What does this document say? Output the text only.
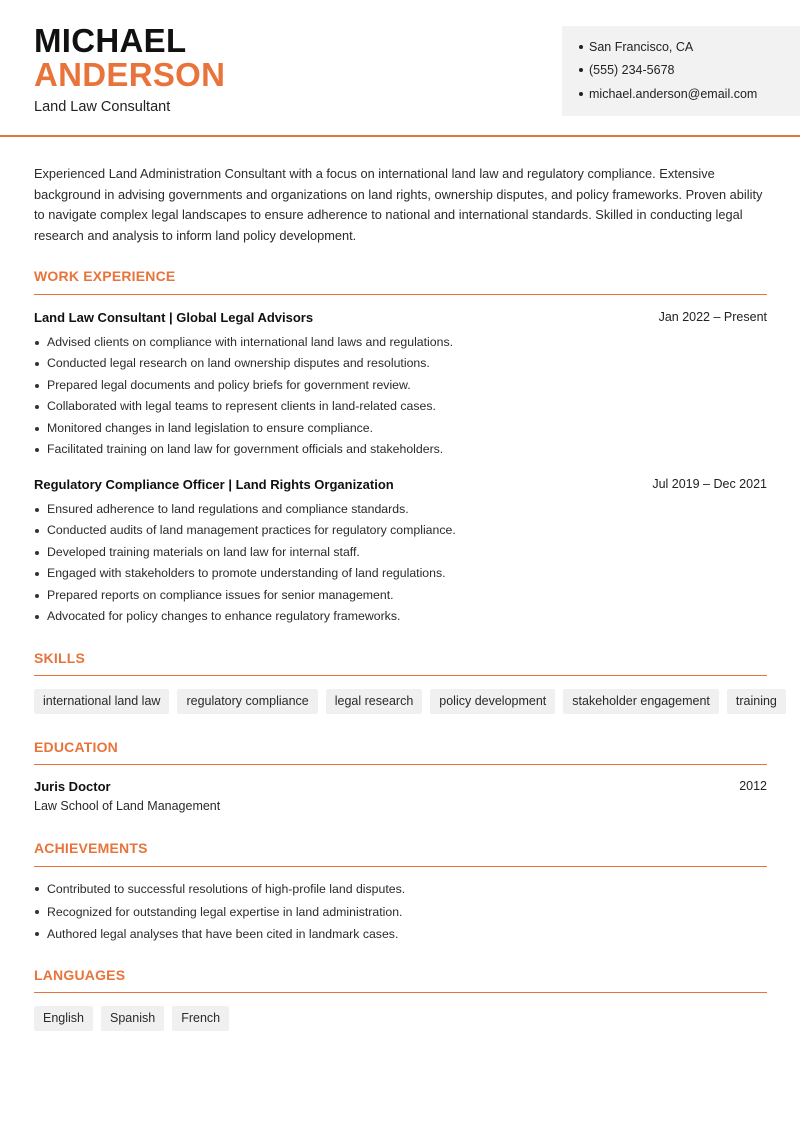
MICHAEL
ANDERSON
Land Law Consultant
San Francisco, CA
(555) 234-5678
michael.anderson@email.com

Experienced Land Administration Consultant with a focus on international land law and regulatory compliance. Extensive background in advising governments and organizations on land rights, ownership disputes, and policy frameworks. Proven ability to navigate complex legal landscapes to ensure adherence to national and international standards. Skilled in conducting legal research and analysis to inform land policy development.

WORK EXPERIENCE
Land Law Consultant | Global Legal Advisors	Jan 2022 – Present
Advised clients on compliance with international land laws and regulations.
Conducted legal research on land ownership disputes and resolutions.
Prepared legal documents and policy briefs for government review.
Collaborated with legal teams to represent clients in land-related cases.
Monitored changes in land legislation to ensure compliance.
Facilitated training on land law for government officials and stakeholders.
Regulatory Compliance Officer | Land Rights Organization	Jul 2019 – Dec 2021
Ensured adherence to land regulations and compliance standards.
Conducted audits of land management practices for regulatory compliance.
Developed training materials on land law for internal staff.
Engaged with stakeholders to promote understanding of land regulations.
Prepared reports on compliance issues for senior management.
Advocated for policy changes to enhance regulatory frameworks.
SKILLS
international land law	regulatory compliance	legal research	policy development	stakeholder engagement	training
EDUCATION
Juris Doctor	2012
Law School of Land Management
ACHIEVEMENTS
Contributed to successful resolutions of high-profile land disputes.
Recognized for outstanding legal expertise in land administration.
Authored legal analyses that have been cited in landmark cases.
LANGUAGES
English	Spanish	French
